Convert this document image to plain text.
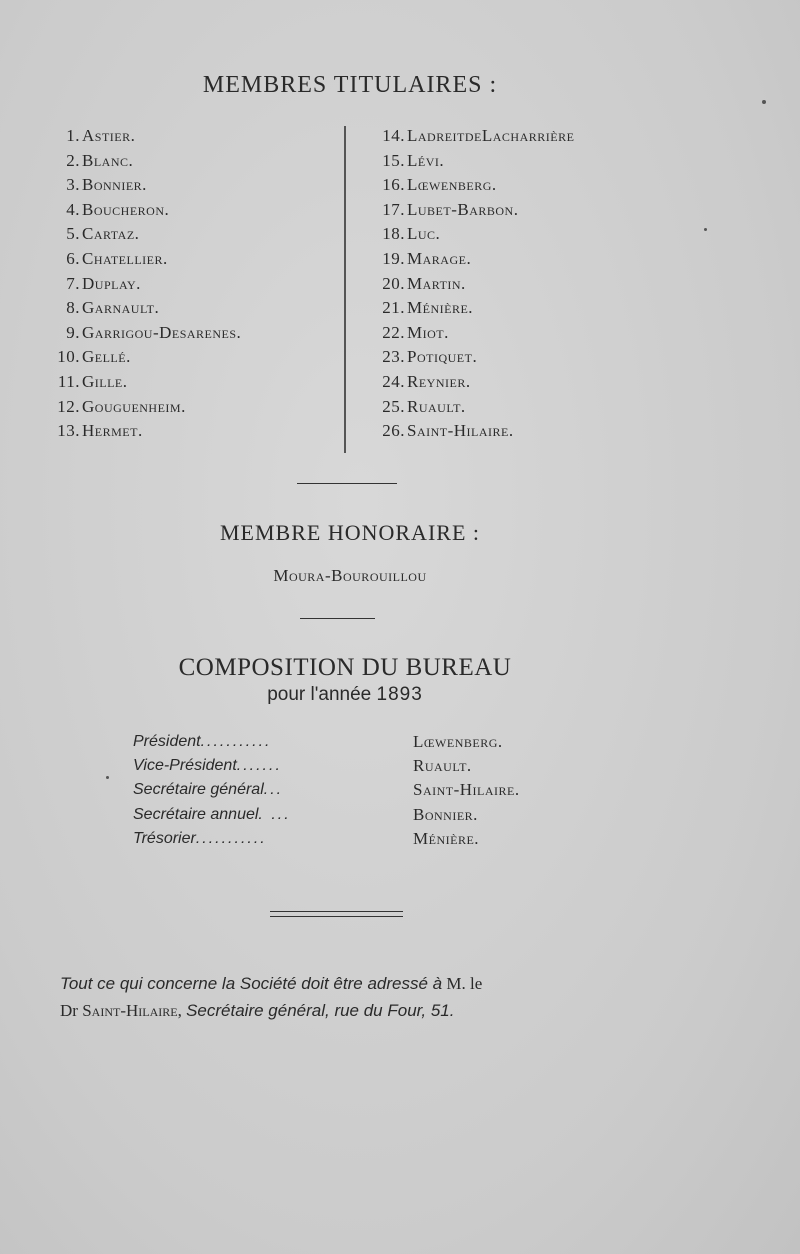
MEMBRES TITULAIRES :
1. Astier.
2. Blanc.
3. Bonnier.
4. Boucheron.
5. Cartaz.
6. Chatellier.
7. Duplay.
8. Garnault.
9. Garrigou-Desarenes.
10. Gellé.
11. Gille.
12. Gouguenheim.
13. Hermet.
14. LadreitdeLacharrière
15. Lévi.
16. Lœwenberg.
17. Lubet-Barbon.
18. Luc.
19. Marage.
20. Martin.
21. Ménière.
22. Miot.
23. Potiquet.
24. Reynier.
25. Ruault.
26. Saint-Hilaire.
MEMBRE HONORAIRE :
Moura-Bourouillou
COMPOSITION DU BUREAU
pour l'année 1893
Président...........
Vice-Président.......
Secrétaire général...
Secrétaire annuel. ...
Trésorier...........
Lœwenberg.
Ruault.
Saint-Hilaire.
Bonnier.
Ménière.
Tout ce qui concerne la Société doit être adressé à M. le
Dr Saint-Hilaire, Secrétaire général, rue du Four, 51.
